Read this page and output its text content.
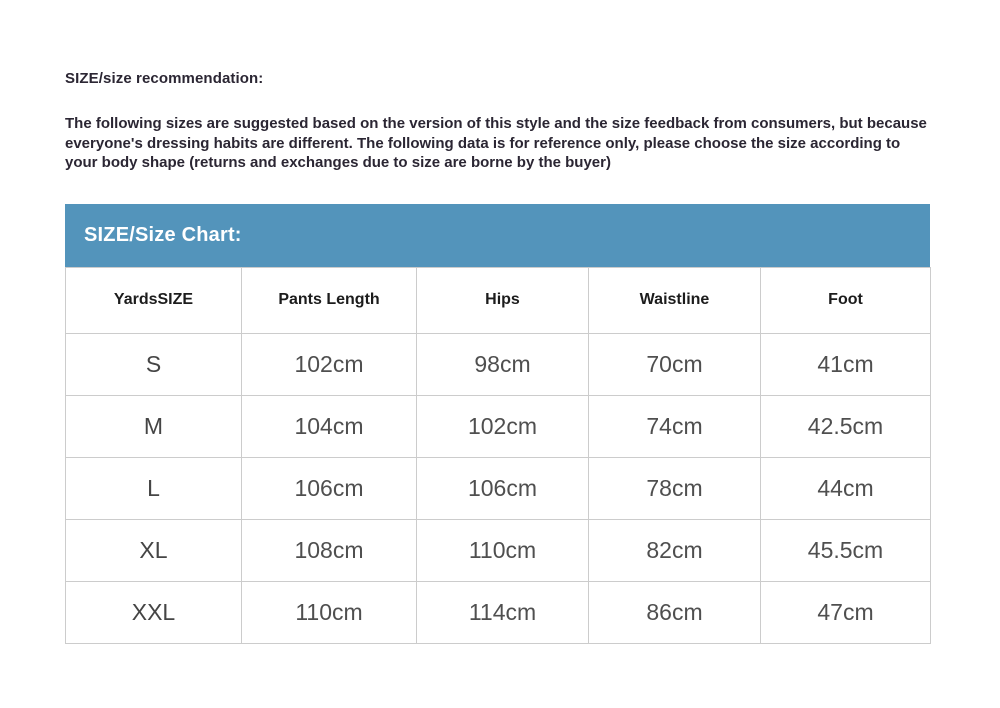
SIZE/size recommendation:

The following sizes are suggested based on the version of this style and the size feedback from consumers, but because everyone's dressing habits are different. The following data is for reference only, please choose the size according to your body shape (returns and exchanges due to size are borne by the buyer)

SIZE/Size Chart:
YardsSIZE	Pants Length	Hips	Waistline	Foot
S	102cm	98cm	70cm	41cm
M	104cm	102cm	74cm	42.5cm
L	106cm	106cm	78cm	44cm
XL	108cm	110cm	82cm	45.5cm
XXL	110cm	114cm	86cm	47cm
